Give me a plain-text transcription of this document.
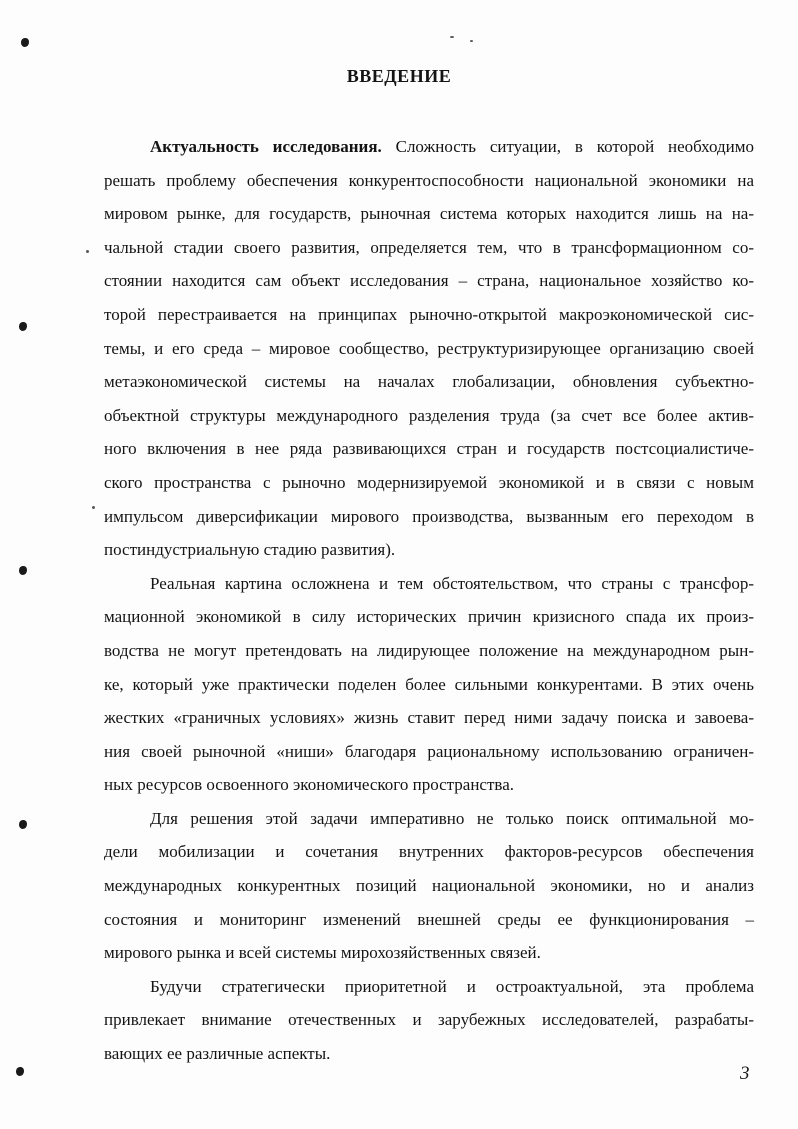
ВВЕДЕНИЕ
Актуальность исследования. Сложность ситуации, в которой необходимо
решать проблему обеспечения конкурентоспособности национальной экономики на
мировом рынке, для государств, рыночная система которых находится лишь на на-
чальной стадии своего развития, определяется тем, что в трансформационном со-
стоянии находится сам объект исследования – страна, национальное хозяйство ко-
торой перестраивается на принципах рыночно-открытой макроэкономической сис-
темы, и его среда – мировое сообщество, реструктуризирующее организацию своей
метаэкономической системы на началах глобализации, обновления субъектно-
объектной структуры международного разделения труда (за счет все более актив-
ного включения в нее ряда развивающихся стран и государств постсоциалистиче-
ского пространства с рыночно модернизируемой экономикой и в связи с новым
импульсом диверсификации мирового производства, вызванным его переходом в
постиндустриальную стадию развития).
Реальная картина осложнена и тем обстоятельством, что страны с трансфор-
мационной экономикой в силу исторических причин кризисного спада их произ-
водства не могут претендовать на лидирующее положение на международном рын-
ке, который уже практически поделен более сильными конкурентами. В этих очень
жестких «граничных условиях» жизнь ставит перед ними задачу поиска и завоева-
ния своей рыночной «ниши» благодаря рациональному использованию ограничен-
ных ресурсов освоенного экономического пространства.
Для решения этой задачи императивно не только поиск оптимальной мо-
дели мобилизации и сочетания внутренних факторов-ресурсов обеспечения
международных конкурентных позиций национальной экономики, но и анализ
состояния и мониторинг изменений внешней среды ее функционирования –
мирового рынка и всей системы мирохозяйственных связей.
Будучи стратегически приоритетной и остроактуальной, эта проблема
привлекает внимание отечественных и зарубежных исследователей, разрабаты-
вающих ее различные аспекты.
3
